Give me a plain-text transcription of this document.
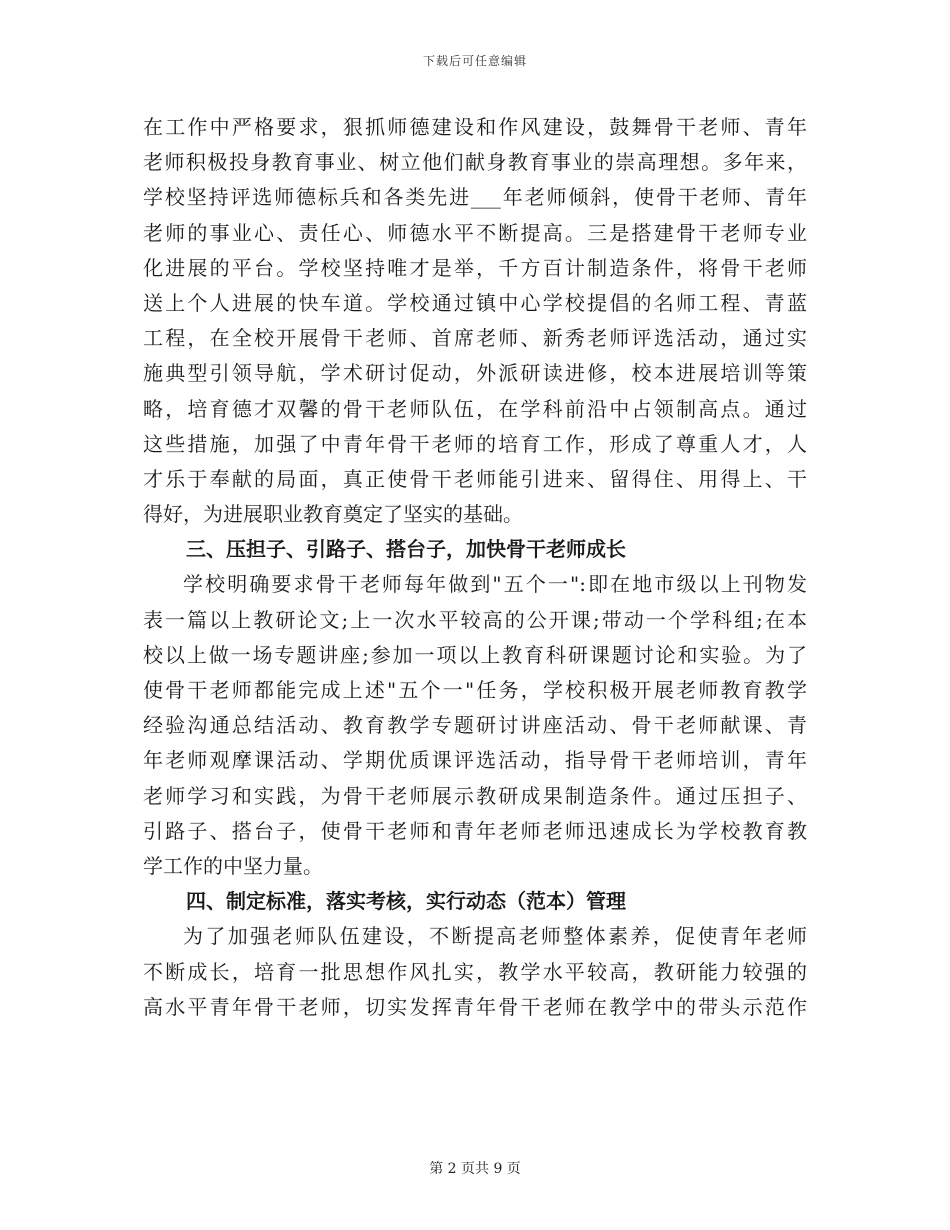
下载后可任意编辑
在工作中严格要求，狠抓师德建设和作风建设，鼓舞骨干老师、青年
老师积极投身教育事业、树立他们献身教育事业的崇高理想。多年来，
学校坚持评选师德标兵和各类先进___年老师倾斜，使骨干老师、青年
老师的事业心、责任心、师德水平不断提高。三是搭建骨干老师专业
化进展的平台。学校坚持唯才是举，千方百计制造条件，将骨干老师
送上个人进展的快车道。学校通过镇中心学校提倡的名师工程、青蓝
工程，在全校开展骨干老师、首席老师、新秀老师评选活动，通过实
施典型引领导航，学术研讨促动，外派研读进修，校本进展培训等策
略，培育德才双馨的骨干老师队伍，在学科前沿中占领制高点。通过
这些措施，加强了中青年骨干老师的培育工作，形成了尊重人才，人
才乐于奉献的局面，真正使骨干老师能引进来、留得住、用得上、干
得好，为进展职业教育奠定了坚实的基础。
三、压担子、引路子、搭台子，加快骨干老师成长
学校明确要求骨干老师每年做到"五个一":即在地市级以上刊物发
表一篇以上教研论文;上一次水平较高的公开课;带动一个学科组;在本
校以上做一场专题讲座;参加一项以上教育科研课题讨论和实验。为了
使骨干老师都能完成上述"五个一"任务，学校积极开展老师教育教学
经验沟通总结活动、教育教学专题研讨讲座活动、骨干老师献课、青
年老师观摩课活动、学期优质课评选活动，指导骨干老师培训，青年
老师学习和实践，为骨干老师展示教研成果制造条件。通过压担子、
引路子、搭台子，使骨干老师和青年老师老师迅速成长为学校教育教
学工作的中坚力量。
四、制定标准，落实考核，实行动态（范本）管理
为了加强老师队伍建设，不断提高老师整体素养，促使青年老师
不断成长，培育一批思想作风扎实，教学水平较高，教研能力较强的
高水平青年骨干老师，切实发挥青年骨干老师在教学中的带头示范作
第 2 页共 9 页
